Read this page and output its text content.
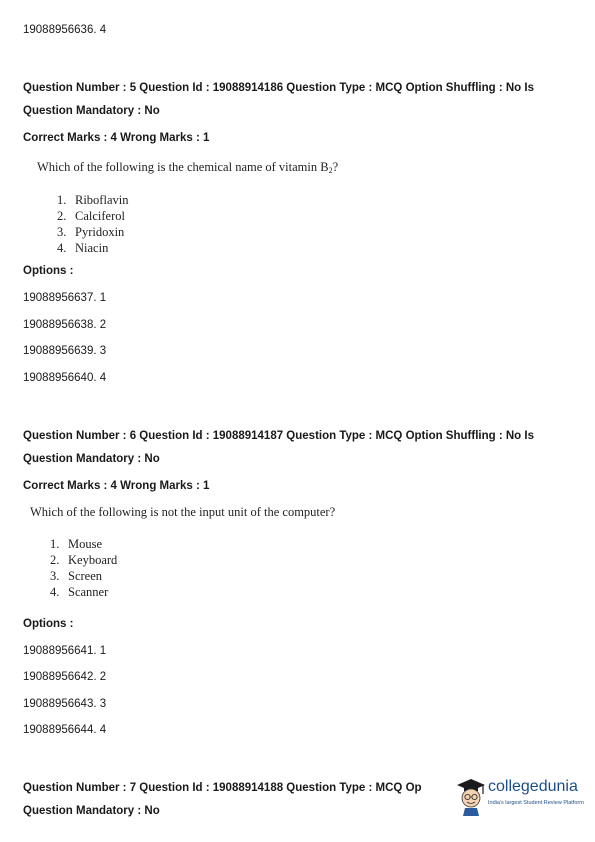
19088956636. 4
Question Number : 5 Question Id : 19088914186 Question Type : MCQ Option Shuffling : No Is
Question Mandatory : No
Correct Marks : 4 Wrong Marks : 1
Which of the following is the chemical name of vitamin $B_2$?
1. Riboflavin
2. Calciferol
3. Pyridoxin
4. Niacin
Options :
19088956637. 1
19088956638. 2
19088956639. 3
19088956640. 4
Question Number : 6 Question Id : 19088914187 Question Type : MCQ Option Shuffling : No Is
Question Mandatory : No
Correct Marks : 4 Wrong Marks : 1
Which of the following is not the input unit of the computer?
1. Mouse
2. Keyboard
3. Screen
4. Scanner
Options :
19088956641. 1
19088956642. 2
19088956643. 3
19088956644. 4
Question Number : 7 Question Id : 19088914188 Question Type : MCQ Op
Question Mandatory : No
collegedunia
India's largest Student Review Platform
